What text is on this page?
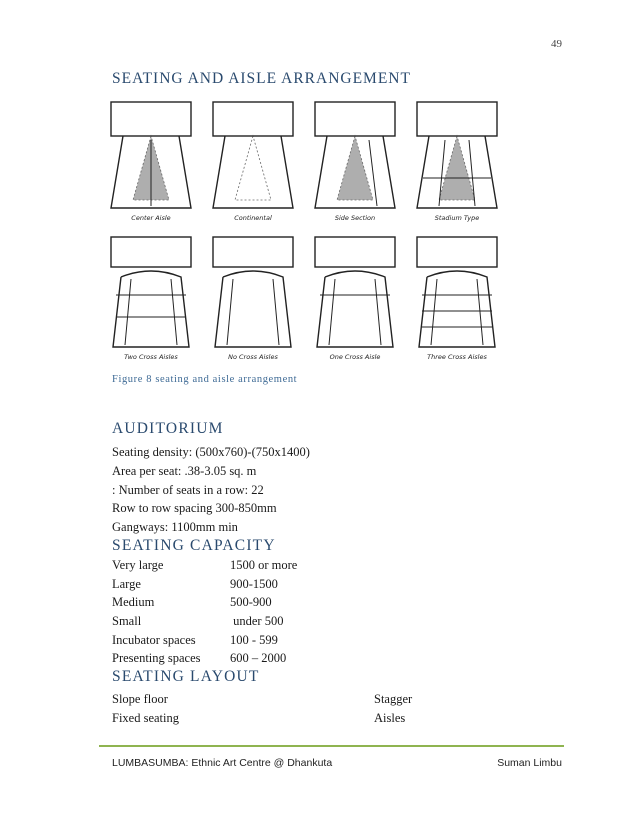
49
SEATING AND AISLE ARRANGEMENT
Center Aisle	Continental	Side Section	Stadium Type
Two Cross Aisles	No Cross Aisles	One Cross Aisle	Three Cross Aisles
Figure 8 seating and aisle arrangement
AUDITORIUM
Seating density: (500x760)-(750x1400)
Area per seat: .38-3.05 sq. m
: Number of seats in a row: 22
Row to row spacing 300-850mm
Gangways: 1100mm min
SEATING CAPACITY
Very large	1500 or more
Large	900-1500
Medium	500-900
Small	under 500
Incubator spaces	100 - 599
Presenting spaces	600 – 2000
SEATING LAYOUT
Slope floor	Stagger
Fixed seating	Aisles
LUMBASUMBA: Ethnic Art Centre @ Dhankuta	Suman Limbu
